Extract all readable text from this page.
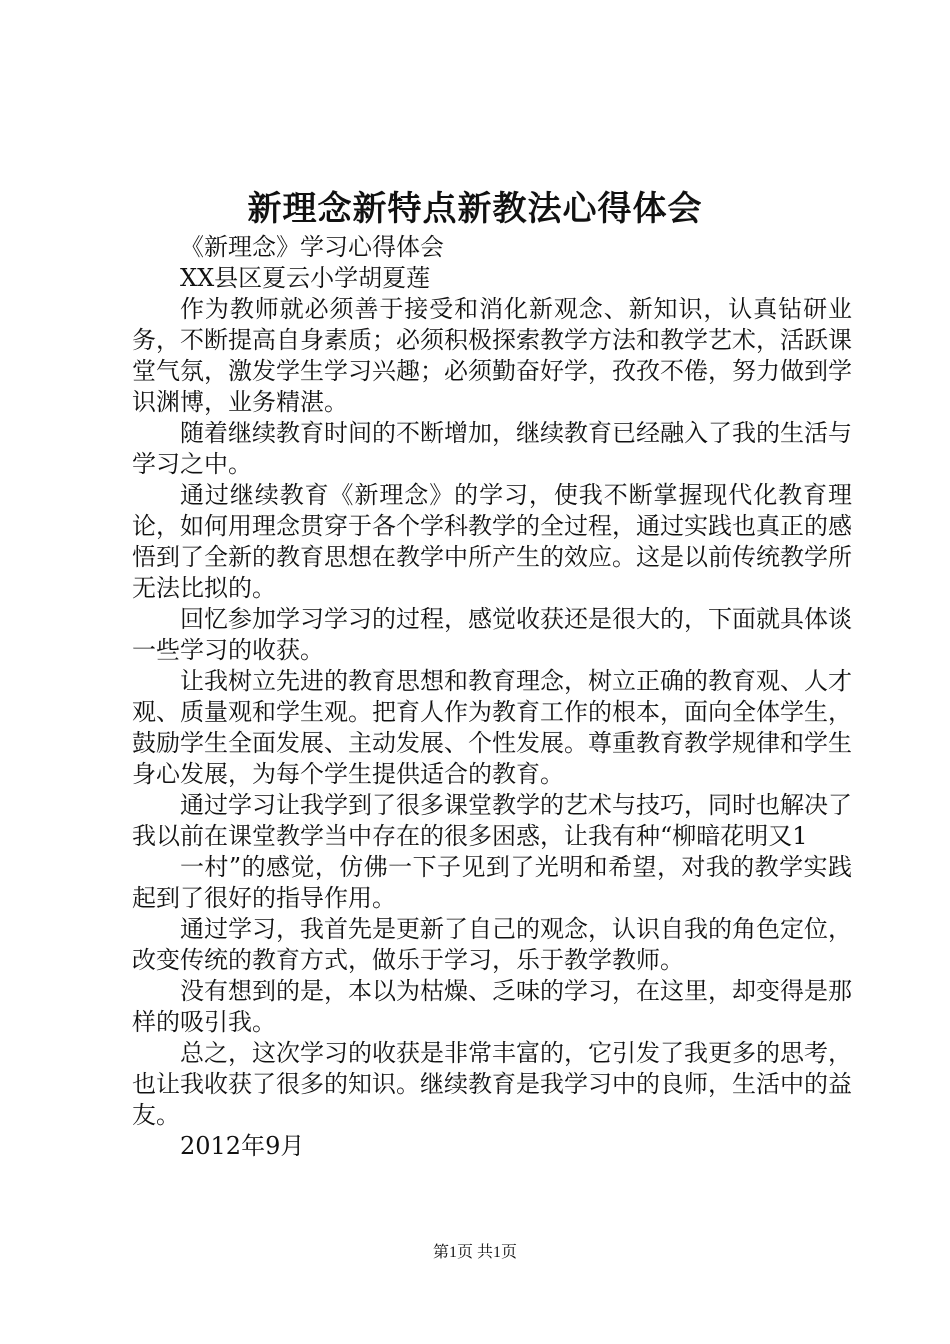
新理念新特点新教法心得体会

《新理念》学习心得体会

XX县区夏云小学胡夏莲

作为教师就必须善于接受和消化新观念、新知识，认真钻研业务，不断提高自身素质；必须积极探索教学方法和教学艺术，活跃课堂气氛，激发学生学习兴趣；必须勤奋好学，孜孜不倦，努力做到学识渊博，业务精湛。

随着继续教育时间的不断增加，继续教育已经融入了我的生活与学习之中。

通过继续教育《新理念》的学习，使我不断掌握现代化教育理论，如何用理念贯穿于各个学科教学的全过程，通过实践也真正的感悟到了全新的教育思想在教学中所产生的效应。这是以前传统教学所无法比拟的。

回忆参加学习学习的过程，感觉收获还是很大的，下面就具体谈一些学习的收获。

让我树立先进的教育思想和教育理念，树立正确的教育观、人才观、质量观和学生观。把育人作为教育工作的根本，面向全体学生，鼓励学生全面发展、主动发展、个性发展。尊重教育教学规律和学生身心发展，为每个学生提供适合的教育。

通过学习让我学到了很多课堂教学的艺术与技巧，同时也解决了我以前在课堂教学当中存在的很多困惑，让我有种“柳暗花明又1

一村”的感觉，仿佛一下子见到了光明和希望，对我的教学实践起到了很好的指导作用。

通过学习，我首先是更新了自己的观念，认识自我的角色定位，改变传统的教育方式，做乐于学习，乐于教学教师。

没有想到的是，本以为枯燥、乏味的学习，在这里，却变得是那样的吸引我。

总之，这次学习的收获是非常丰富的，它引发了我更多的思考，也让我收获了很多的知识。继续教育是我学习中的良师，生活中的益友。

2012年9月

第1页 共1页
